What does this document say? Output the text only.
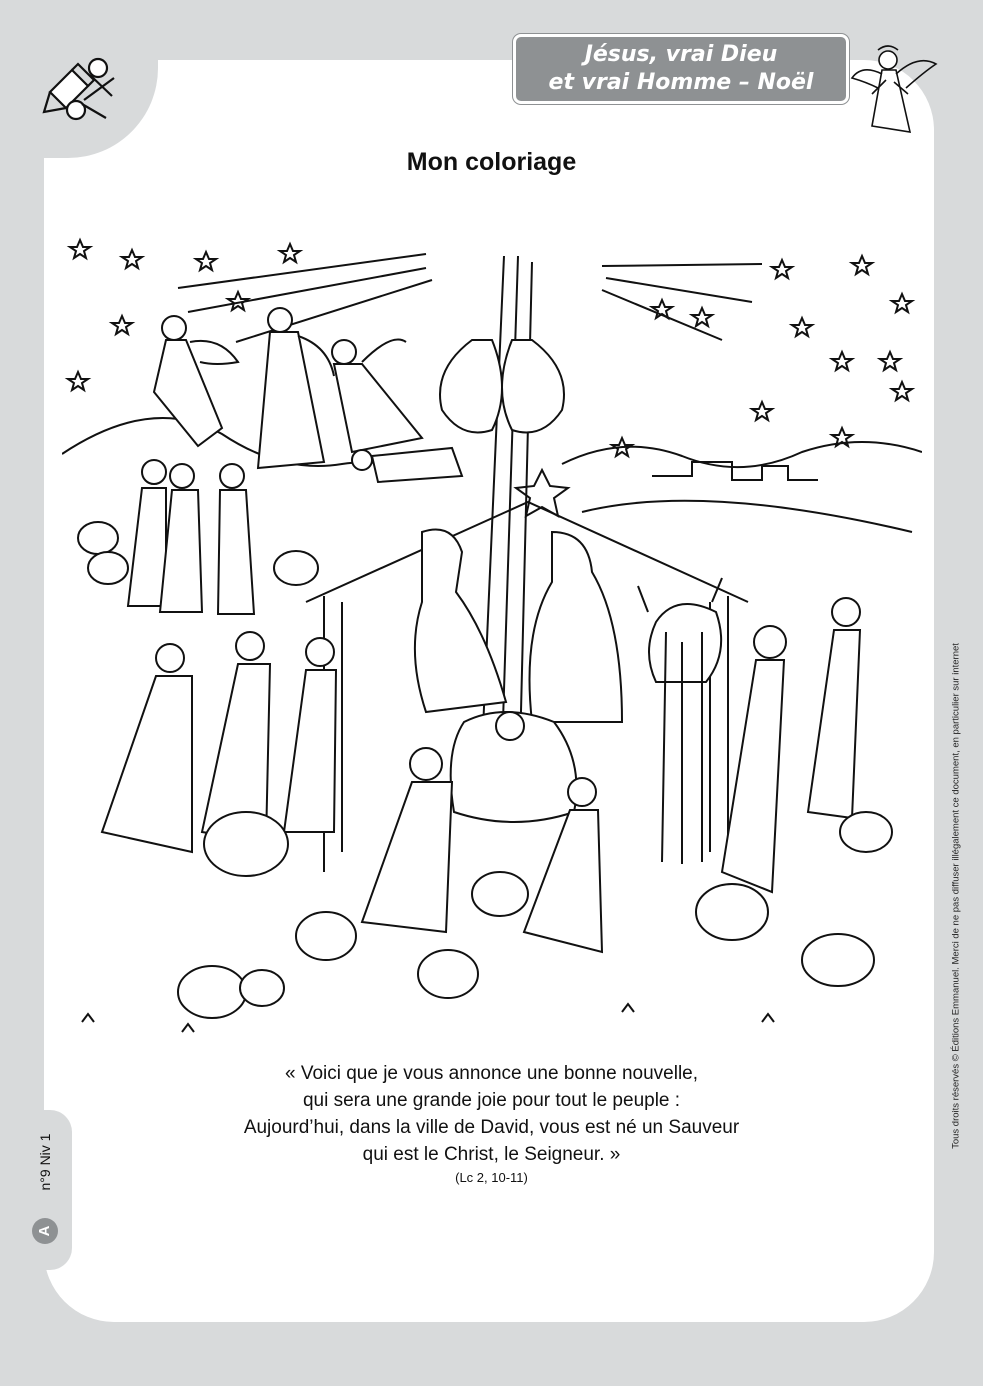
Jésus, vrai Dieu
et vrai Homme – Noël
Mon coloriage
« Voici que je vous annonce une bonne nouvelle,
qui sera une grande joie pour tout le peuple :
Aujourd’hui, dans la ville de David, vous est né un Sauveur
qui est le Christ, le Seigneur. »
(Lc 2, 10-11)
A
n°9 Niv 1
Tous droits réservés © Éditions Emmanuel. Merci de ne pas diffuser illégalement ce document, en particulier sur internet
